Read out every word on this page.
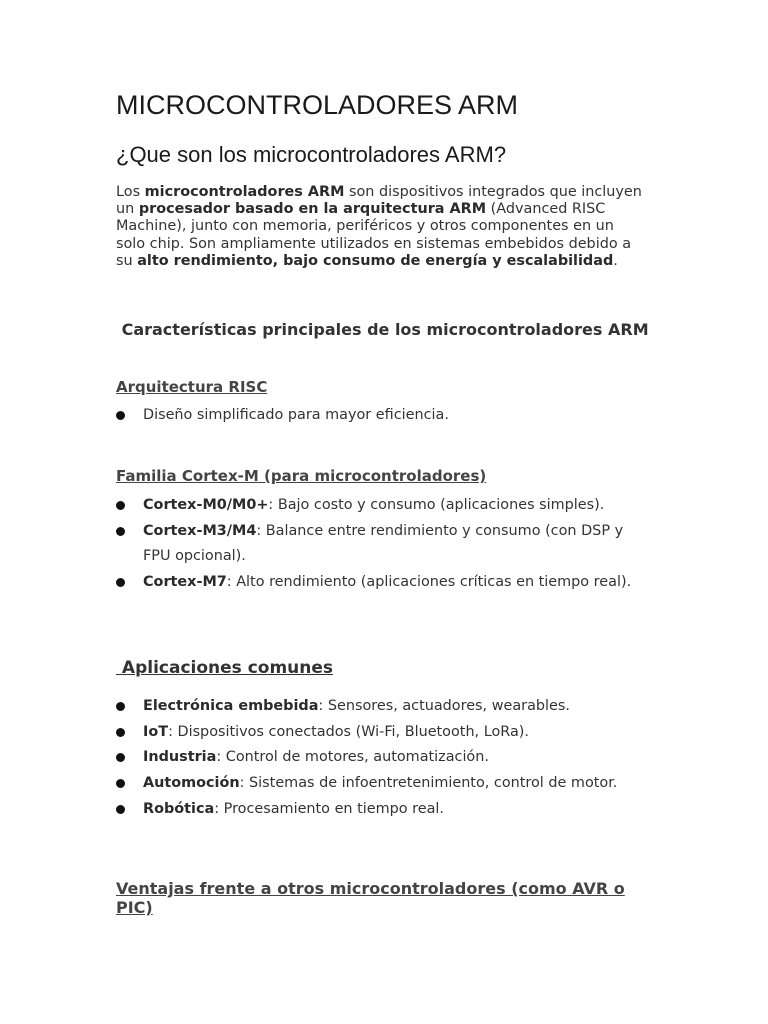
MICROCONTROLADORES ARM
¿Que son los microcontroladores ARM?

Los microcontroladores ARM son dispositivos integrados que incluyen un procesador basado en la arquitectura ARM (Advanced RISC Machine), junto con memoria, periféricos y otros componentes en un solo chip. Son ampliamente utilizados en sistemas embebidos debido a su alto rendimiento, bajo consumo de energía y escalabilidad.

Características principales de los microcontroladores ARM
Arquitectura RISC
Diseño simplificado para mayor eficiencia.
Familia Cortex-M (para microcontroladores)
Cortex-M0/M0+: Bajo costo y consumo (aplicaciones simples).
Cortex-M3/M4: Balance entre rendimiento y consumo (con DSP y FPU opcional).
Cortex-M7: Alto rendimiento (aplicaciones críticas en tiempo real).
Aplicaciones comunes
Electrónica embebida: Sensores, actuadores, wearables.
IoT: Dispositivos conectados (Wi-Fi, Bluetooth, LoRa).
Industria: Control de motores, automatización.
Automoción: Sistemas de infoentretenimiento, control de motor.
Robótica: Procesamiento en tiempo real.
Ventajas frente a otros microcontroladores (como AVR o PIC)
